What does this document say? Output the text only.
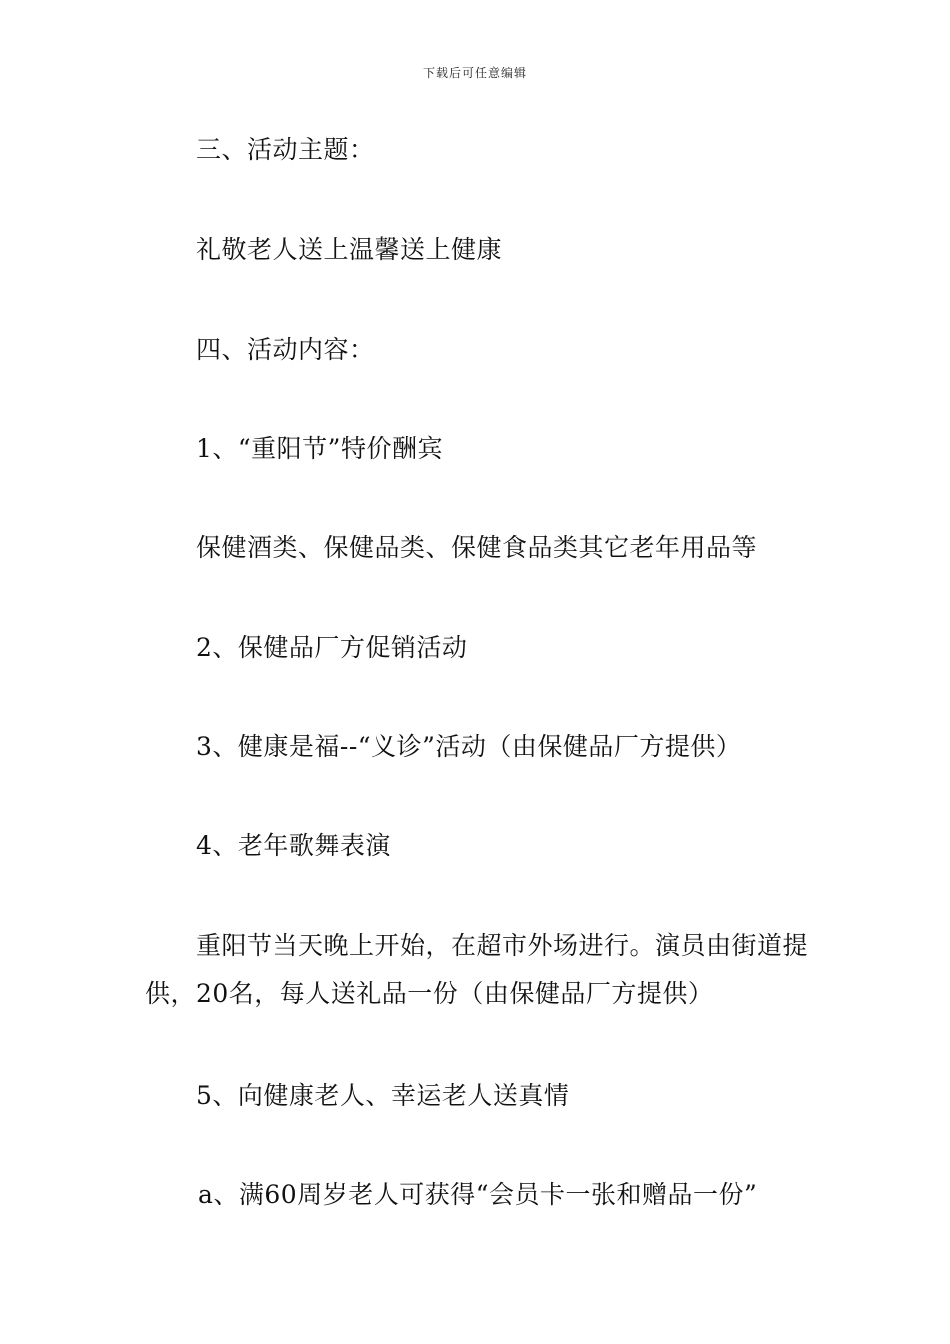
下载后可任意编辑

三、活动主题：

礼敬老人送上温馨送上健康

四、活动内容：

1、“重阳节”特价酬宾

保健酒类、保健品类、保健食品类其它老年用品等

2、保健品厂方促销活动

3、健康是福--“义诊”活动（由保健品厂方提供）

4、老年歌舞表演

重阳节当天晚上开始，在超市外场进行。演员由街道提供，20名，每人送礼品一份（由保健品厂方提供）

5、向健康老人、幸运老人送真情

a、满60周岁老人可获得“会员卡一张和赠品一份”
